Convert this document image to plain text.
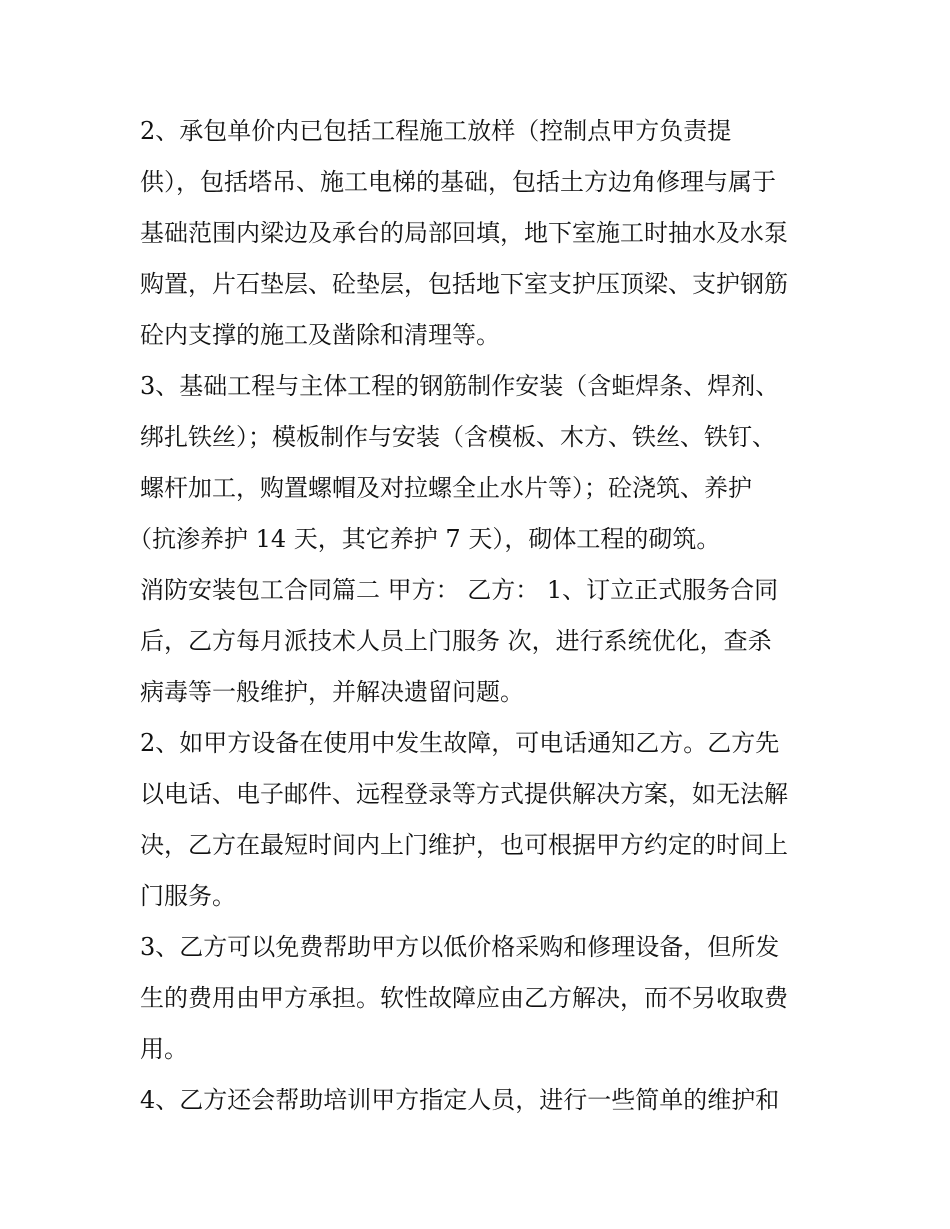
2、承包单价内已包括工程施工放样（控制点甲方负责提
供），包括塔吊、施工电梯的基础，包括土方边角修理与属于
基础范围内梁边及承台的局部回填，地下室施工时抽水及水泵
购置，片石垫层、砼垫层，包括地下室支护压顶梁、支护钢筋
砼内支撑的施工及凿除和清理等。
3、基础工程与主体工程的钢筋制作安装（含蚷焊条、焊剂、
绑扎铁丝）；模板制作与安装（含模板、木方、铁丝、铁钉、
螺杆加工，购置螺帽及对拉螺全止水片等）；砼浇筑、养护
（抗渗养护 14 天，其它养护 7 天），砌体工程的砌筑。
消防安装包工合同篇二 甲方： 乙方： 1、订立正式服务合同
后，乙方每月派技术人员上门服务 次，进行系统优化，查杀
病毒等一般维护，并解决遗留问题。
2、如甲方设备在使用中发生故障，可电话通知乙方。乙方先
以电话、电子邮件、远程登录等方式提供解决方案，如无法解
决，乙方在最短时间内上门维护，也可根据甲方约定的时间上
门服务。
3、乙方可以免费帮助甲方以低价格采购和修理设备，但所发
生的费用由甲方承担。软性故障应由乙方解决，而不另收取费
用。
4、乙方还会帮助培训甲方指定人员，进行一些简单的维护和
